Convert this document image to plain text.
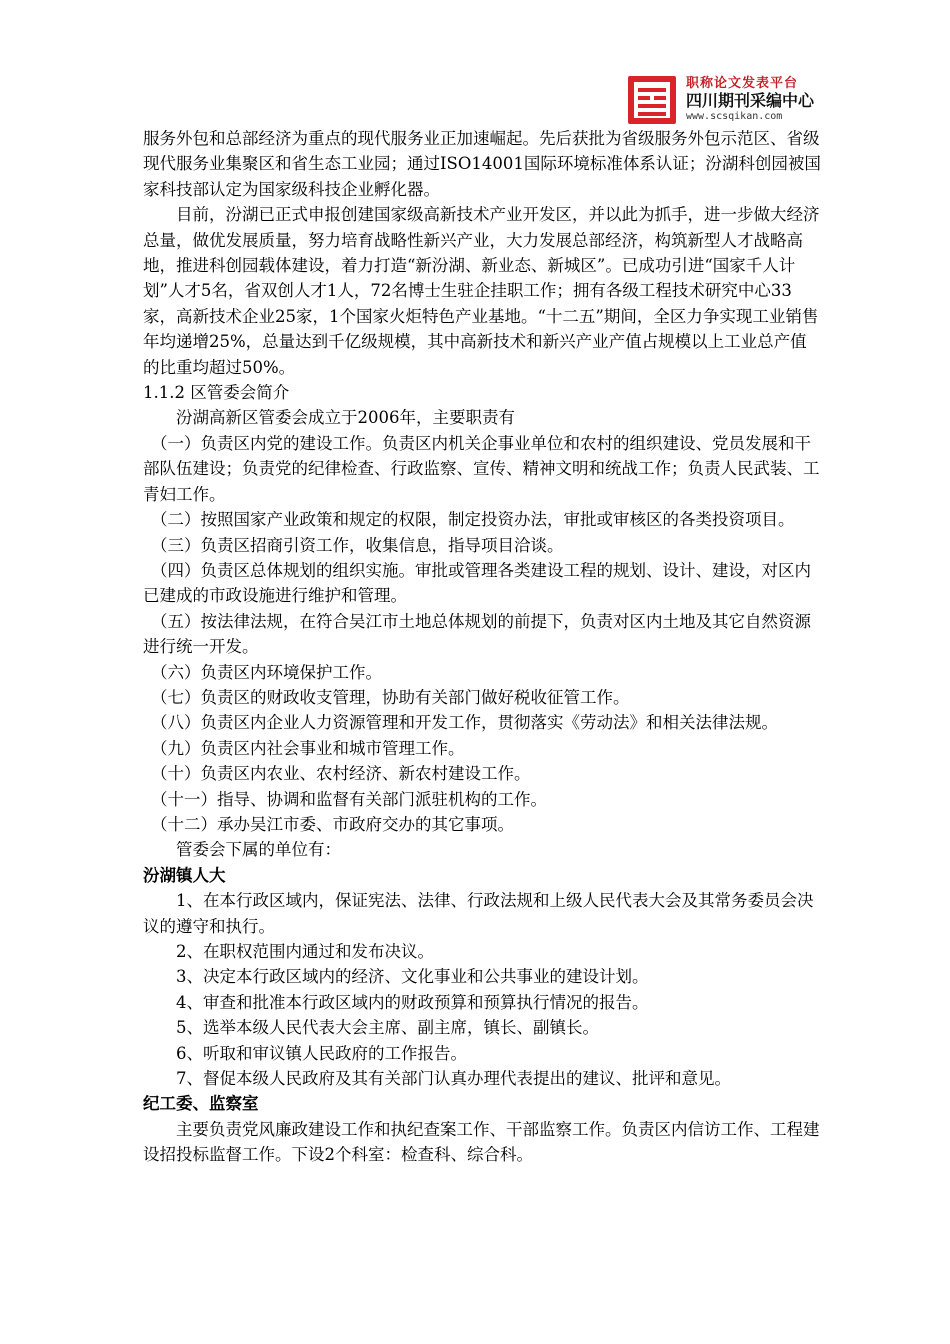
职称论文发表平台
四川期刊采编中心
www.scsqikan.com

服务外包和总部经济为重点的现代服务业正加速崛起。先后获批为省级服务外包示范区、省级现代服务业集聚区和省生态工业园；通过ISO14001国际环境标准体系认证；汾湖科创园被国家科技部认定为国家级科技企业孵化器。

目前，汾湖已正式申报创建国家级高新技术产业开发区，并以此为抓手，进一步做大经济总量，做优发展质量，努力培育战略性新兴产业，大力发展总部经济，构筑新型人才战略高地，推进科创园载体建设，着力打造“新汾湖、新业态、新城区”。已成功引进“国家千人计划”人才5名，省双创人才1人，72名博士生驻企挂职工作；拥有各级工程技术研究中心33家，高新技术企业25家，1个国家火炬特色产业基地。“十二五”期间，全区力争实现工业销售年均递增25%，总量达到千亿级规模，其中高新技术和新兴产业产值占规模以上工业总产值的比重均超过50%。

1.1.2 区管委会简介

汾湖高新区管委会成立于2006年，主要职责有

（一）负责区内党的建设工作。负责区内机关企事业单位和农村的组织建设、党员发展和干部队伍建设；负责党的纪律检查、行政监察、宣传、精神文明和统战工作；负责人民武装、工青妇工作。

（二）按照国家产业政策和规定的权限，制定投资办法，审批或审核区的各类投资项目。

（三）负责区招商引资工作，收集信息，指导项目洽谈。

（四）负责区总体规划的组织实施。审批或管理各类建设工程的规划、设计、建设，对区内已建成的市政设施进行维护和管理。

（五）按法律法规，在符合吴江市土地总体规划的前提下，负责对区内土地及其它自然资源进行统一开发。

（六）负责区内环境保护工作。

（七）负责区的财政收支管理，协助有关部门做好税收征管工作。

（八）负责区内企业人力资源管理和开发工作，贯彻落实《劳动法》和相关法律法规。

（九）负责区内社会事业和城市管理工作。

（十）负责区内农业、农村经济、新农村建设工作。

（十一）指导、协调和监督有关部门派驻机构的工作。

（十二）承办吴江市委、市政府交办的其它事项。

管委会下属的单位有：

汾湖镇人大

1、在本行政区域内，保证宪法、法律、行政法规和上级人民代表大会及其常务委员会决议的遵守和执行。

2、在职权范围内通过和发布决议。

3、决定本行政区域内的经济、文化事业和公共事业的建设计划。

4、审查和批准本行政区域内的财政预算和预算执行情况的报告。

5、选举本级人民代表大会主席、副主席，镇长、副镇长。

6、听取和审议镇人民政府的工作报告。

7、督促本级人民政府及其有关部门认真办理代表提出的建议、批评和意见。

纪工委、监察室

主要负责党风廉政建设工作和执纪查案工作、干部监察工作。负责区内信访工作、工程建设招投标监督工作。下设2个科室：检查科、综合科。
